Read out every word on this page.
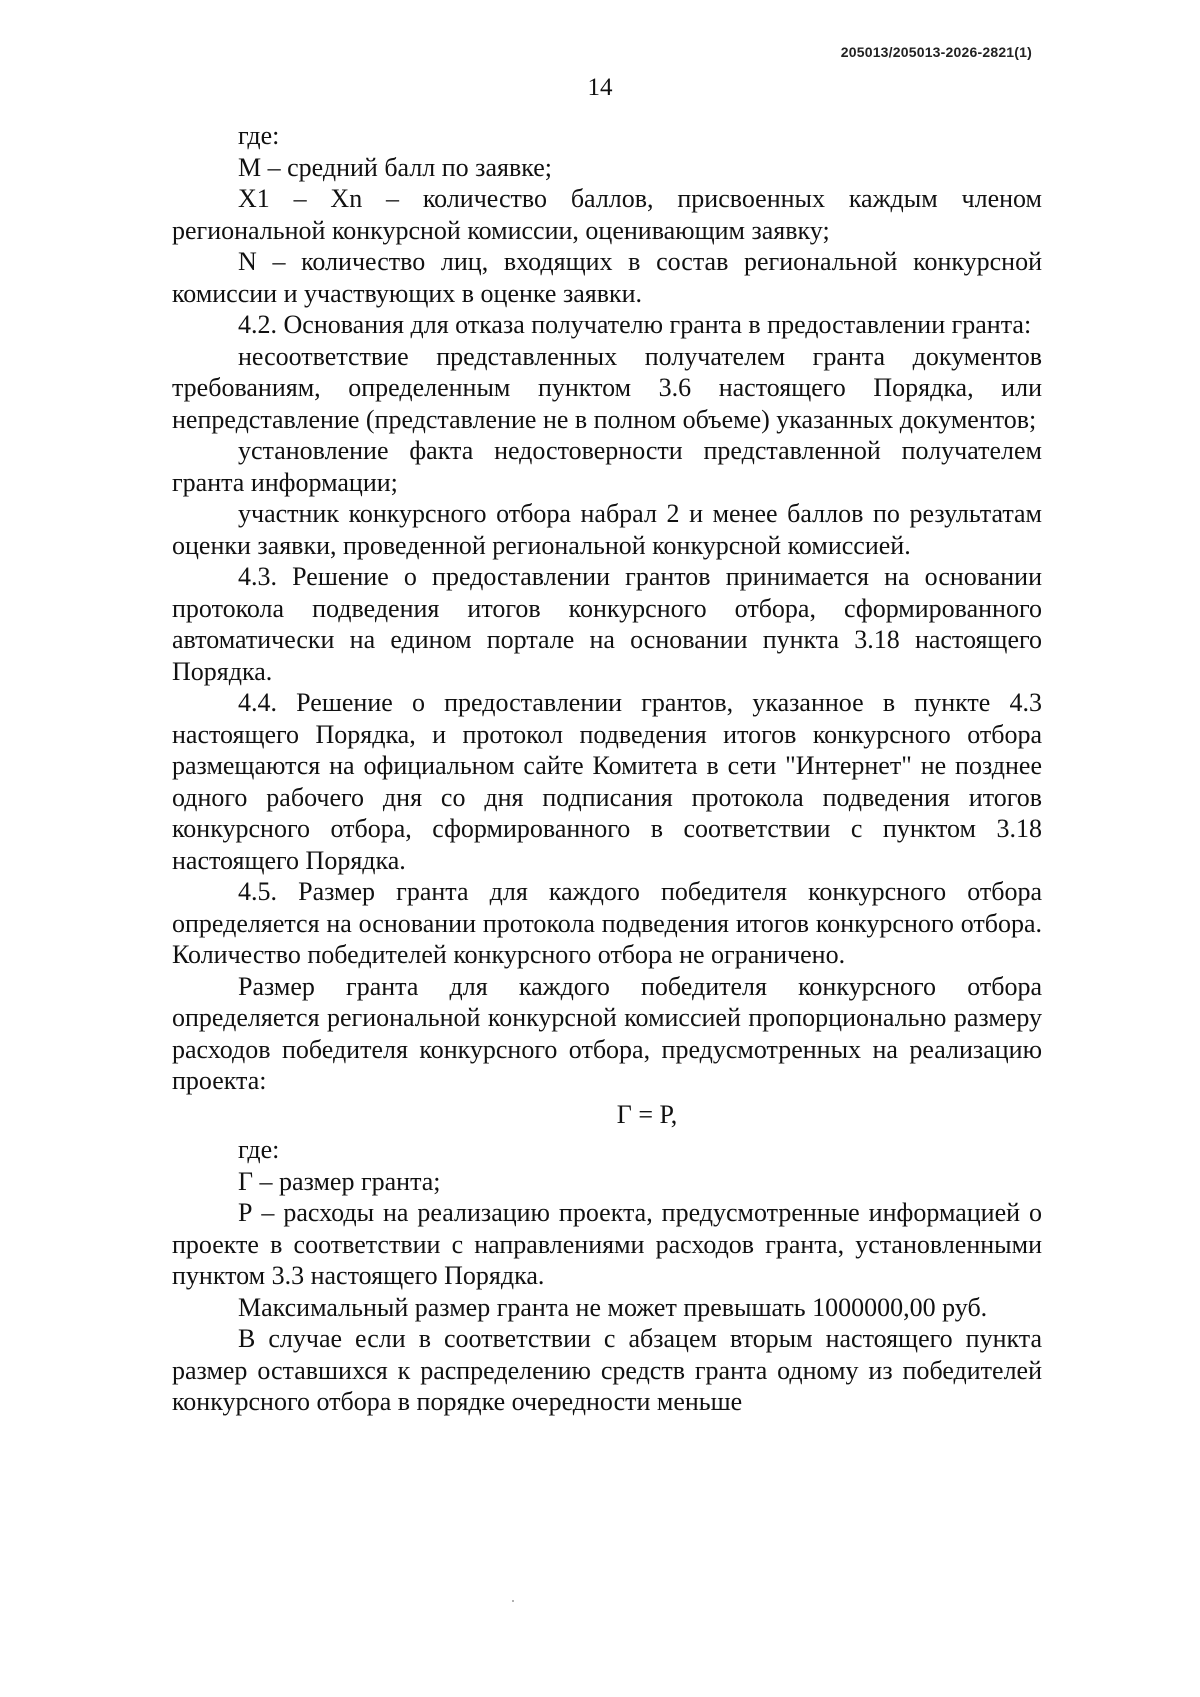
205013/205013-2026-2821(1)
14

где:

M – средний балл по заявке;

X1 – Xn – количество баллов, присвоенных каждым членом региональной конкурсной комиссии, оценивающим заявку;

N – количество лиц, входящих в состав региональной конкурсной комиссии и участвующих в оценке заявки.

4.2. Основания для отказа получателю гранта в предоставлении гранта:

несоответствие представленных получателем гранта документов требованиям, определенным пунктом 3.6 настоящего Порядка, или непредставление (представление не в полном объеме) указанных документов;

установление факта недостоверности представленной получателем гранта информации;

участник конкурсного отбора набрал 2 и менее баллов по результатам оценки заявки, проведенной региональной конкурсной комиссией.

4.3. Решение о предоставлении грантов принимается на основании протокола подведения итогов конкурсного отбора, сформированного автоматически на едином портале на основании пункта 3.18 настоящего Порядка.

4.4. Решение о предоставлении грантов, указанное в пункте 4.3 настоящего Порядка, и протокол подведения итогов конкурсного отбора размещаются на официальном сайте Комитета в сети "Интернет" не позднее одного рабочего дня со дня подписания протокола подведения итогов конкурсного отбора, сформированного в соответствии с пунктом 3.18 настоящего Порядка.

4.5. Размер гранта для каждого победителя конкурсного отбора определяется на основании протокола подведения итогов конкурсного отбора. Количество победителей конкурсного отбора не ограничено.

Размер гранта для каждого победителя конкурсного отбора определяется региональной конкурсной комиссией пропорционально размеру расходов победителя конкурсного отбора, предусмотренных на реализацию проекта:

Г = Р,

где:

Г – размер гранта;

Р – расходы на реализацию проекта, предусмотренные информацией о проекте в соответствии с направлениями расходов гранта, установленными пунктом 3.3 настоящего Порядка.

Максимальный размер гранта не может превышать 1000000,00 руб.

В случае если в соответствии с абзацем вторым настоящего пункта размер оставшихся к распределению средств гранта одному из победителей конкурсного отбора в порядке очередности меньше
